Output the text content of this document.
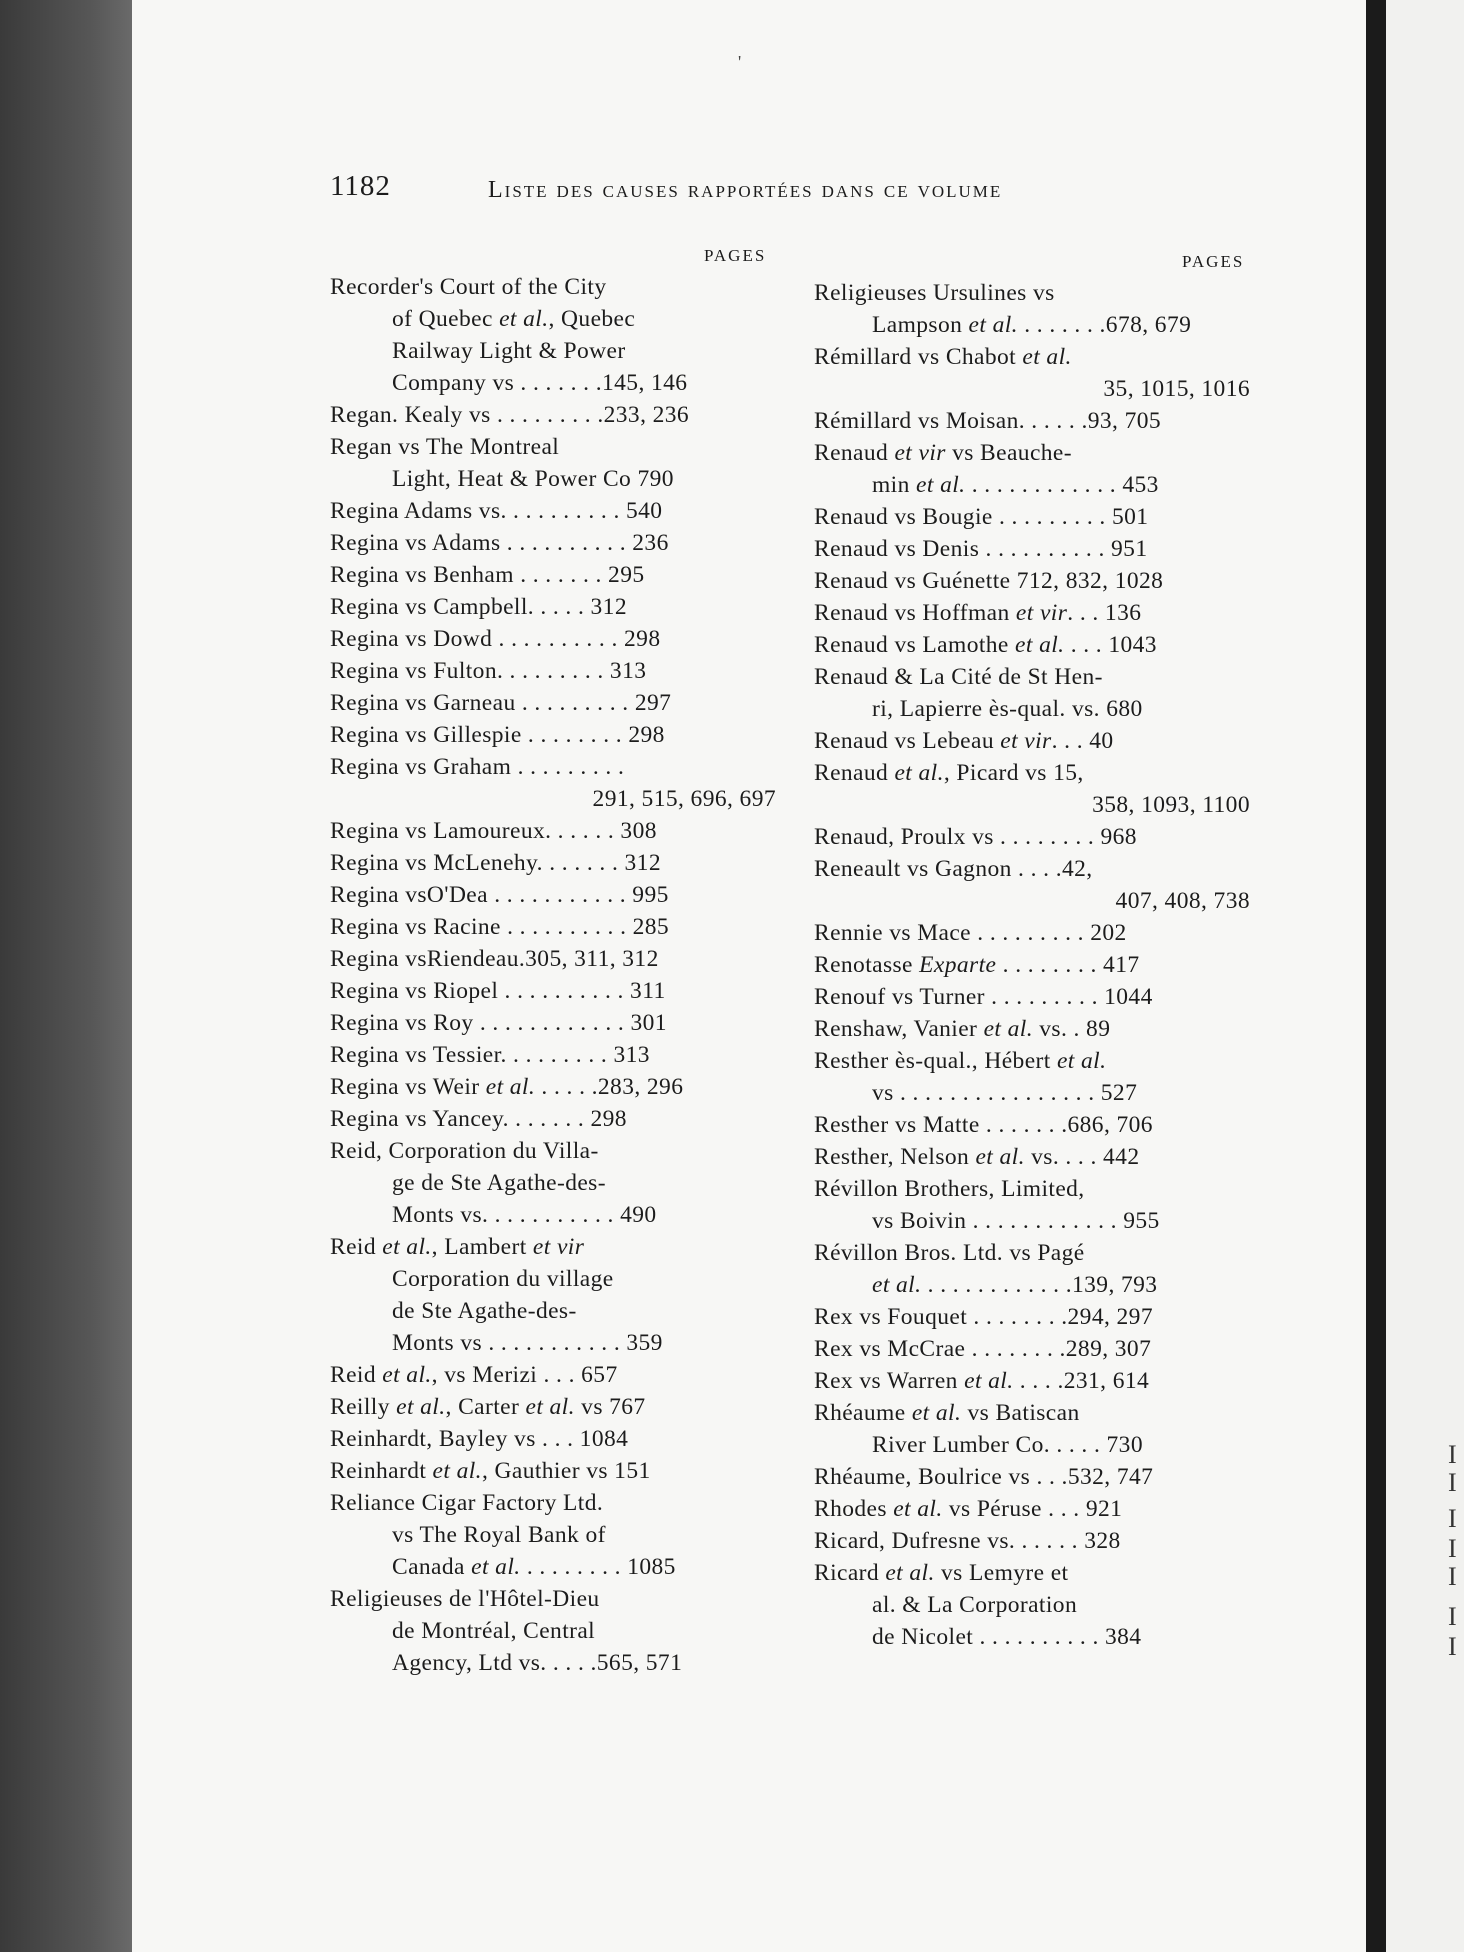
I
I
I
I
I
I
I
'
1182	Liste des causes rapportées dans ce volume
PAGES	PAGES
Recorder's Court of the City
of Quebec et al., Quebec
Railway Light & Power
Company vs . . . . . . .145, 146
Regan. Kealy vs . . . . . . . . .233, 236
Regan vs The Montreal
Light, Heat & Power Co 790
Regina Adams vs. . . . . . . . . . 540
Regina vs Adams . . . . . . . . . . 236
Regina vs Benham . . . . . . . 295
Regina vs Campbell. . . . . 312
Regina vs Dowd . . . . . . . . . . 298
Regina vs Fulton. . . . . . . . . 313
Regina vs Garneau . . . . . . . . . 297
Regina vs Gillespie . . . . . . . . 298
Regina vs Graham . . . . . . . . .
291, 515, 696, 697
Regina vs Lamoureux. . . . . . 308
Regina vs McLenehy. . . . . . . 312
Regina vsO'Dea . . . . . . . . . . . 995
Regina vs Racine . . . . . . . . . . 285
Regina vsRiendeau.305, 311, 312
Regina vs Riopel . . . . . . . . . . 311
Regina vs Roy . . . . . . . . . . . . 301
Regina vs Tessier. . . . . . . . . 313
Regina vs Weir et al. . . . . .283, 296
Regina vs Yancey. . . . . . . 298
Reid, Corporation du Villa-
ge de Ste Agathe-des-
Monts vs. . . . . . . . . . . 490
Reid et al., Lambert et vir
Corporation du village
de Ste Agathe-des-
Monts vs . . . . . . . . . . . 359
Reid et al., vs Merizi . . . 657
Reilly et al., Carter et al. vs 767
Reinhardt, Bayley vs . . . 1084
Reinhardt et al., Gauthier vs 151
Reliance Cigar Factory Ltd.
vs The Royal Bank of
Canada et al. . . . . . . . . 1085
Religieuses de l'Hôtel-Dieu
de Montréal, Central
Agency, Ltd vs. . . . .565, 571
Religieuses Ursulines vs
Lampson et al. . . . . . . .678, 679
Rémillard vs Chabot et al.
35, 1015, 1016
Rémillard vs Moisan. . . . . .93, 705
Renaud et vir vs Beauche-
min et al. . . . . . . . . . . . . 453
Renaud vs Bougie . . . . . . . . . 501
Renaud vs Denis . . . . . . . . . . 951
Renaud vs Guénette 712, 832, 1028
Renaud vs Hoffman et vir. . . 136
Renaud vs Lamothe et al. . . . 1043
Renaud & La Cité de St Hen-
ri, Lapierre ès-qual. vs. 680
Renaud vs Lebeau et vir. . . 40
Renaud et al., Picard vs 15,
358, 1093, 1100
Renaud, Proulx vs . . . . . . . . 968
Reneault vs Gagnon . . . .42,
407, 408, 738
Rennie vs Mace . . . . . . . . . 202
Renotasse Exparte . . . . . . . . 417
Renouf vs Turner . . . . . . . . . 1044
Renshaw, Vanier et al. vs. . 89
Resther ès-qual., Hébert et al.
vs . . . . . . . . . . . . . . . . 527
Resther vs Matte . . . . . . .686, 706
Resther, Nelson et al. vs. . . . 442
Révillon Brothers, Limited,
vs Boivin . . . . . . . . . . . . 955
Révillon Bros. Ltd. vs Pagé
et al. . . . . . . . . . . . .139, 793
Rex vs Fouquet . . . . . . . .294, 297
Rex vs McCrae . . . . . . . .289, 307
Rex vs Warren et al. . . . .231, 614
Rhéaume et al. vs Batiscan
River Lumber Co. . . . . 730
Rhéaume, Boulrice vs . . .532, 747
Rhodes et al. vs Péruse . . . 921
Ricard, Dufresne vs. . . . . . 328
Ricard et al. vs Lemyre et
al. & La Corporation
de Nicolet . . . . . . . . . . 384
